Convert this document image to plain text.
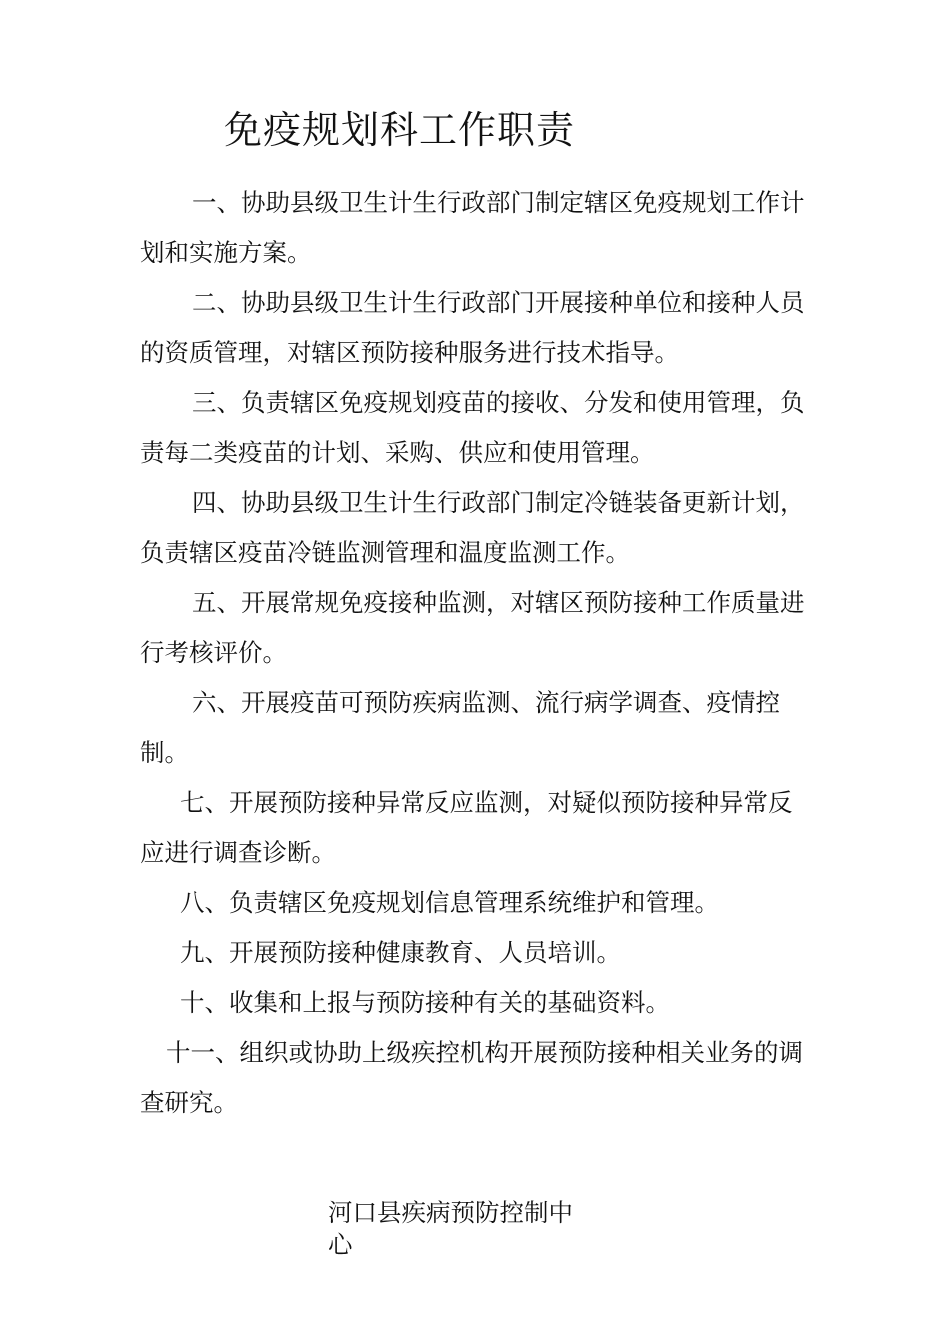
免疫规划科工作职责

一、协助县级卫生计生行政部门制定辖区免疫规划工作计划和实施方案。

二、协助县级卫生计生行政部门开展接种单位和接种人员的资质管理，对辖区预防接种服务进行技术指导。

三、负责辖区免疫规划疫苗的接收、分发和使用管理，负责每二类疫苗的计划、采购、供应和使用管理。

四、协助县级卫生计生行政部门制定冷链装备更新计划，负责辖区疫苗冷链监测管理和温度监测工作。

五、开展常规免疫接种监测，对辖区预防接种工作质量进行考核评价。

六、开展疫苗可预防疾病监测、流行病学调查、疫情控制。

七、开展预防接种异常反应监测，对疑似预防接种异常反应进行调查诊断。

八、负责辖区免疫规划信息管理系统维护和管理。

九、开展预防接种健康教育、人员培训。

十、收集和上报与预防接种有关的基础资料。

十一、组织或协助上级疾控机构开展预防接种相关业务的调查研究。

河口县疾病预防控制中心
